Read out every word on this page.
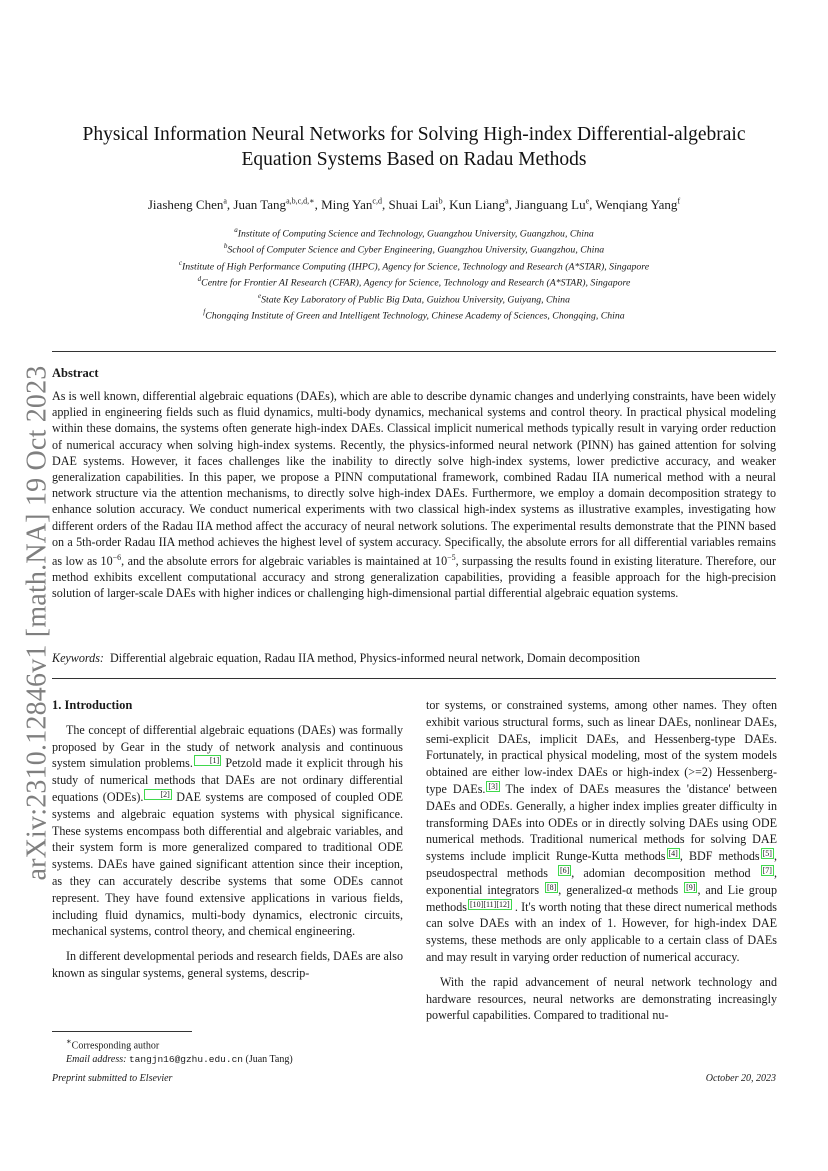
arXiv:2310.12846v1 [math.NA] 19 Oct 2023
Physical Information Neural Networks for Solving High-index Differential-algebraic Equation Systems Based on Radau Methods
Jiasheng Chen$^a$, Juan Tang$^{a,b,c,d,∗}$, Ming Yan$^{c,d}$, Shuai Lai$^b$, Kun Liang$^a$, Jianguang Lu$^e$, Wenqiang Yang$^f$
$^a$Institute of Computing Science and Technology, Guangzhou University, Guangzhou, China
$^b$School of Computer Science and Cyber Engineering, Guangzhou University, Guangzhou, China
$^c$Institute of High Performance Computing (IHPC), Agency for Science, Technology and Research (A*STAR), Singapore
$^d$Centre for Frontier AI Research (CFAR), Agency for Science, Technology and Research (A*STAR), Singapore
$^e$State Key Laboratory of Public Big Data, Guizhou University, Guiyang, China
$^f$Chongqing Institute of Green and Intelligent Technology, Chinese Academy of Sciences, Chongqing, China
Abstract
As is well known, differential algebraic equations (DAEs), which are able to describe dynamic changes and underlying constraints, have been widely applied in engineering fields such as fluid dynamics, multi-body dynamics, mechanical systems and control theory. In practical physical modeling within these domains, the systems often generate high-index DAEs. Classical implicit numerical methods typically result in varying order reduction of numerical accuracy when solving high-index systems. Recently, the physics-informed neural network (PINN) has gained attention for solving DAE systems. However, it faces challenges like the inability to directly solve high-index systems, lower predictive accuracy, and weaker generalization capabilities. In this paper, we propose a PINN computational framework, combined Radau IIA numerical method with a neural network structure via the attention mechanisms, to directly solve high-index DAEs. Furthermore, we employ a domain decomposition strategy to enhance solution accuracy. We conduct numerical experiments with two classical high-index systems as illustrative examples, investigating how different orders of the Radau IIA method affect the accuracy of neural network solutions. The experimental results demonstrate that the PINN based on a 5th-order Radau IIA method achieves the highest level of system accuracy. Specifically, the absolute errors for all differential variables remains as low as $10^{-6}$, and the absolute errors for algebraic variables is maintained at $10^{-5}$, surpassing the results found in existing literature. Therefore, our method exhibits excellent computational accuracy and strong generalization capabilities, providing a feasible approach for the high-precision solution of larger-scale DAEs with higher indices or challenging high-dimensional partial differential algebraic equation systems.
Keywords: Differential algebraic equation, Radau IIA method, Physics-informed neural network, Domain decomposition
1. Introduction

The concept of differential algebraic equations (DAEs) was formally proposed by Gear in the study of network analysis and continuous system simulation problems. [1] Petzold made it explicit through his study of numerical methods that DAEs are not ordinary differential equations (ODEs). [2] DAE systems are composed of coupled ODE systems and algebraic equation systems with physical significance. These systems encompass both differential and algebraic variables, and their system form is more generalized compared to traditional ODE systems. DAEs have gained significant attention since their inception, as they can accurately describe systems that some ODEs cannot represent. They have found extensive applications in various fields, including fluid dynamics, multi-body dynamics, electronic circuits, mechanical systems, control theory, and chemical engineering.

In different developmental periods and research fields, DAEs are also known as singular systems, general systems, descrip-

tor systems, or constrained systems, among other names. They often exhibit various structural forms, such as linear DAEs, nonlinear DAEs, semi-explicit DAEs, implicit DAEs, and Hessenberg-type DAEs. Fortunately, in practical physical modeling, most of the system models obtained are either low-index DAEs or high-index (>=2) Hessenberg-type DAEs. [3] The index of DAEs measures the 'distance' between DAEs and ODEs. Generally, a higher index implies greater difficulty in transforming DAEs into ODEs or in directly solving DAEs using ODE numerical methods. Traditional numerical methods for solving DAE systems include implicit Runge-Kutta methods [4] , BDF methods [5] , pseudospectral methods [6] , adomian decomposition method [7] , exponential integrators [8] , generalized-α methods [9] , and Lie group methods [10][11][12] . It's worth noting that these direct numerical methods can solve DAEs with an index of 1. However, for high-index DAE systems, these methods are only applicable to a certain class of DAEs and may result in varying order reduction of numerical accuracy.

With the rapid advancement of neural network technology and hardware resources, neural networks are demonstrating increasingly powerful capabilities. Compared to traditional nu-

∗Corresponding author
Email address: tangjn16@gzhu.edu.cn (Juan Tang)
Preprint submitted to Elsevier	October 20, 2023
